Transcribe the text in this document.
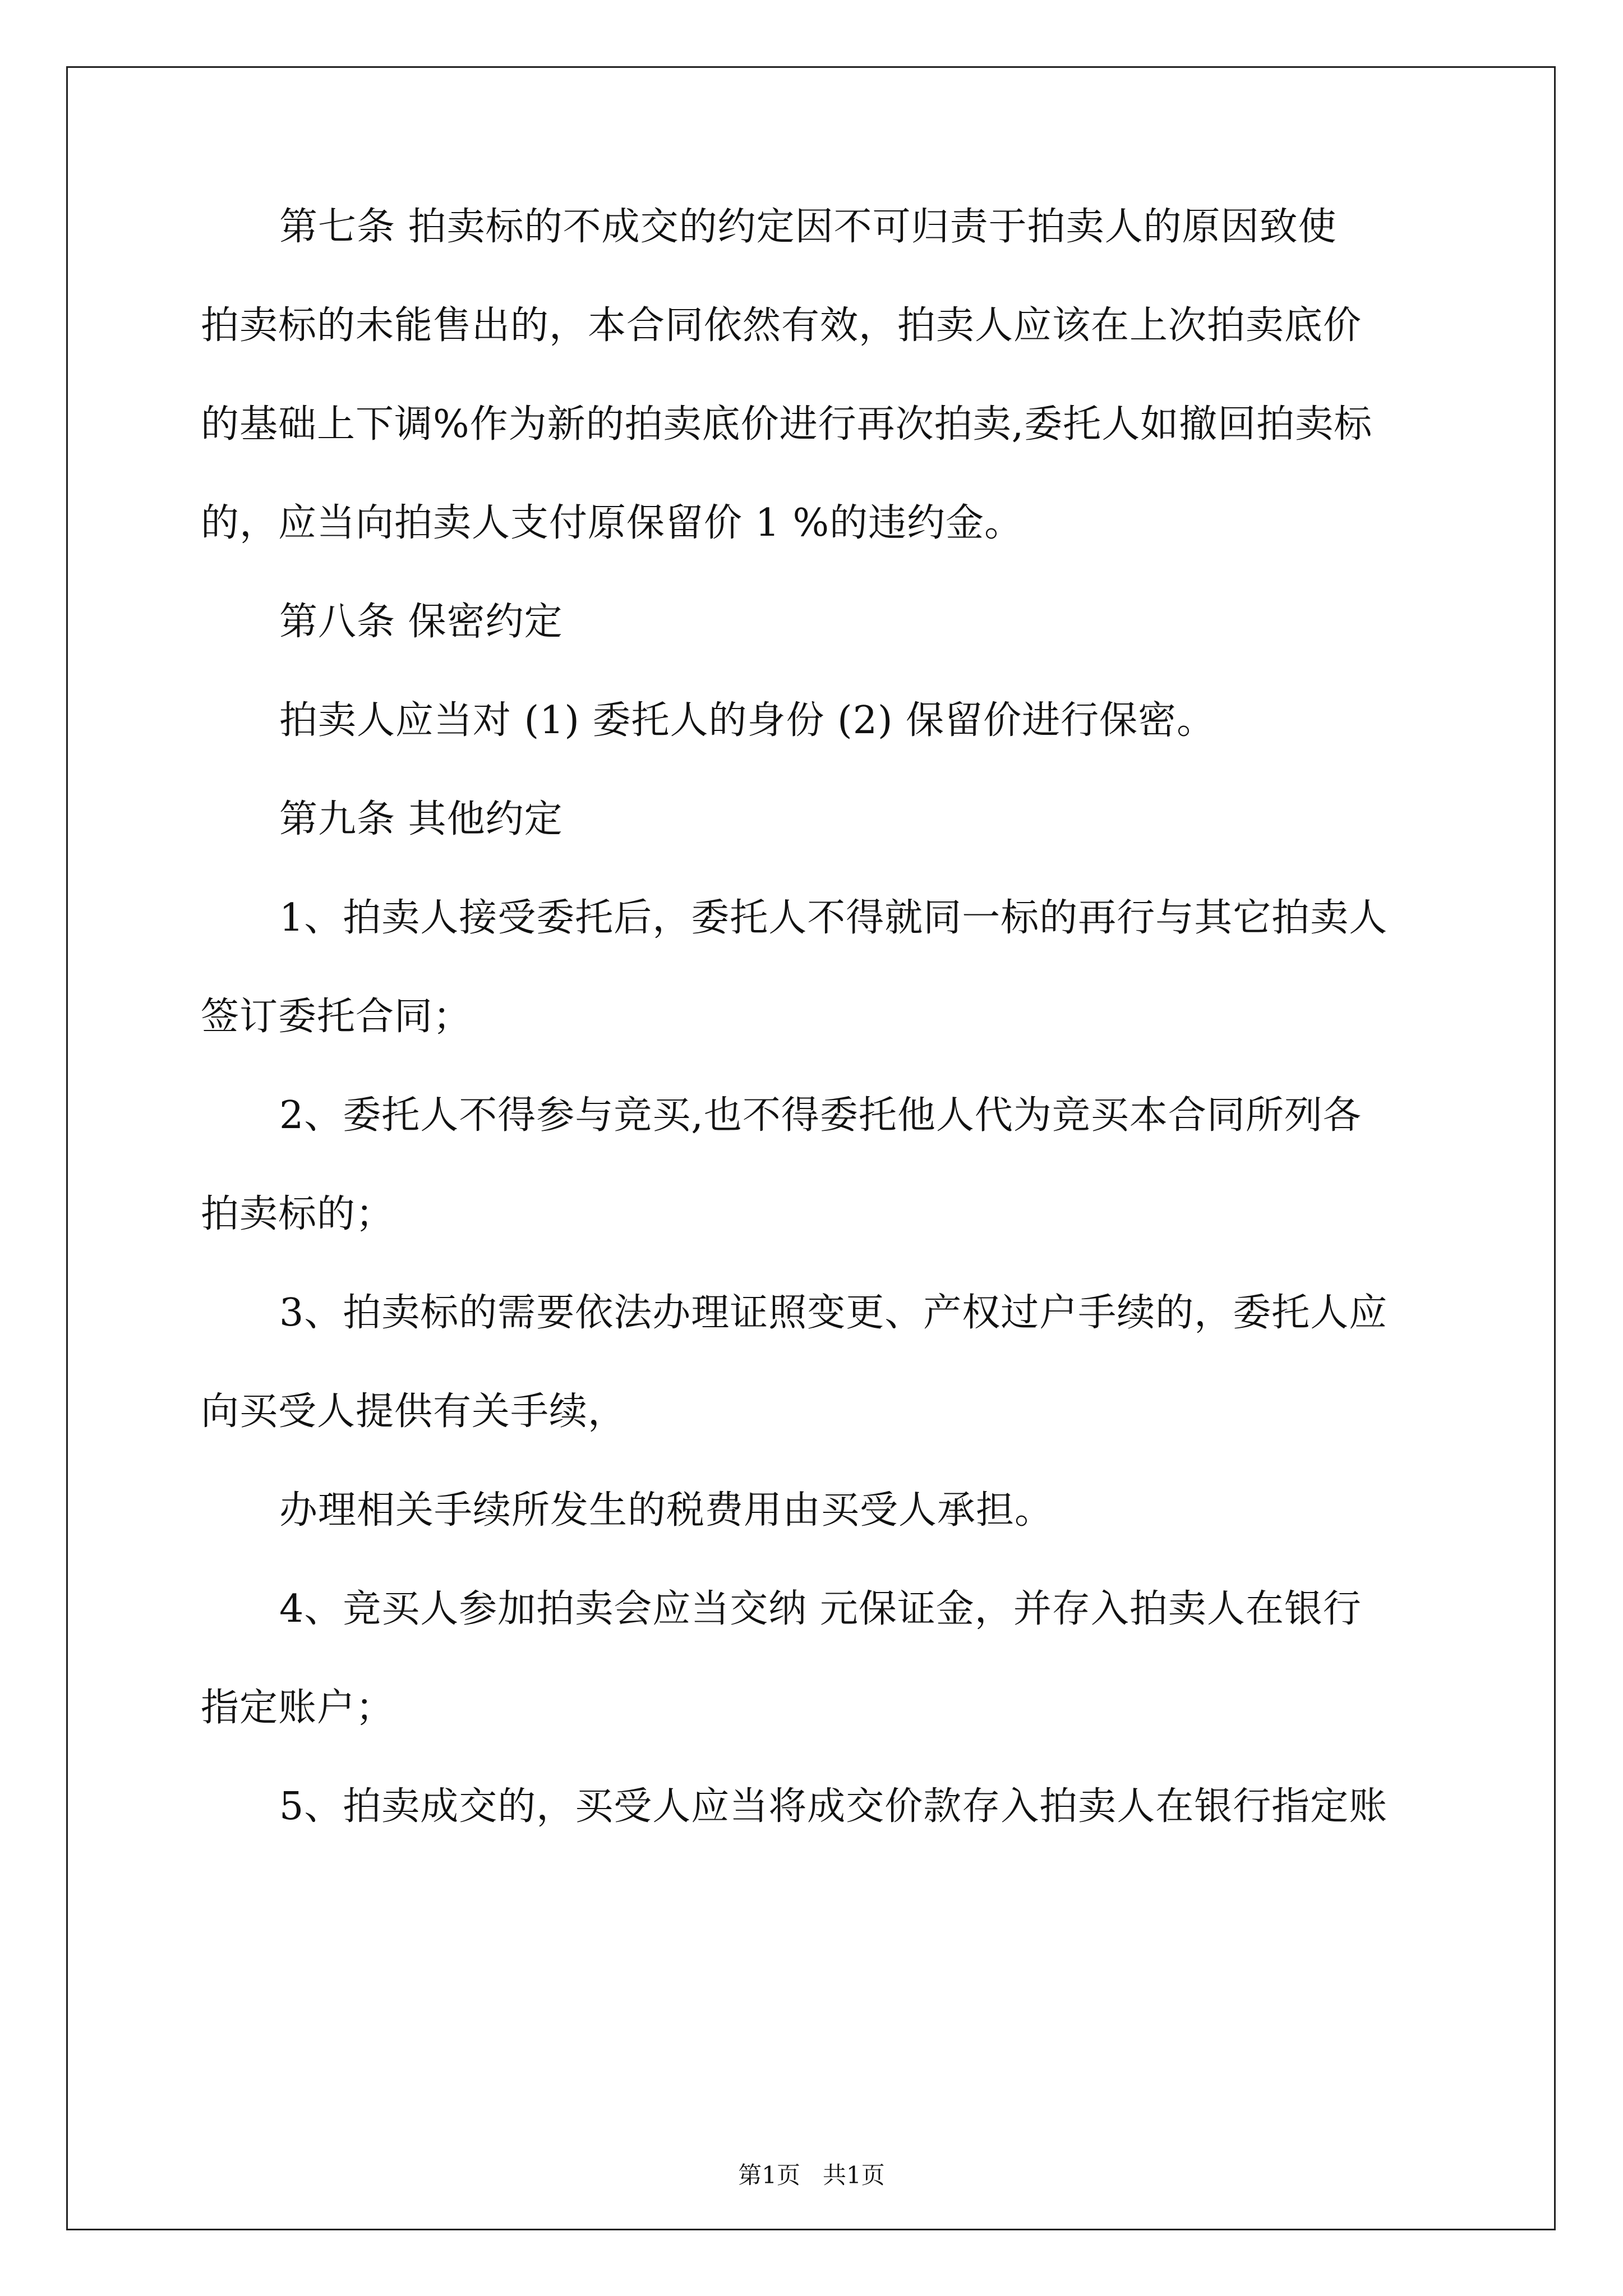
第七条 拍卖标的不成交的约定因不可归责于拍卖人的原因致使
拍卖标的未能售出的，本合同依然有效，拍卖人应该在上次拍卖底价
的基础上下调%作为新的拍卖底价进行再次拍卖,委托人如撤回拍卖标
的，应当向拍卖人支付原保留价 1 %的违约金。
第八条 保密约定
拍卖人应当对 (1) 委托人的身份 (2) 保留价进行保密。
第九条 其他约定
1、拍卖人接受委托后，委托人不得就同一标的再行与其它拍卖人
签订委托合同；
2、委托人不得参与竞买,也不得委托他人代为竞买本合同所列各
拍卖标的；
3、拍卖标的需要依法办理证照变更、产权过户手续的，委托人应
向买受人提供有关手续，
办理相关手续所发生的税费用由买受人承担。
4、竞买人参加拍卖会应当交纳 元保证金，并存入拍卖人在银行
指定账户；
5、拍卖成交的，买受人应当将成交价款存入拍卖人在银行指定账
第1页   共1页
